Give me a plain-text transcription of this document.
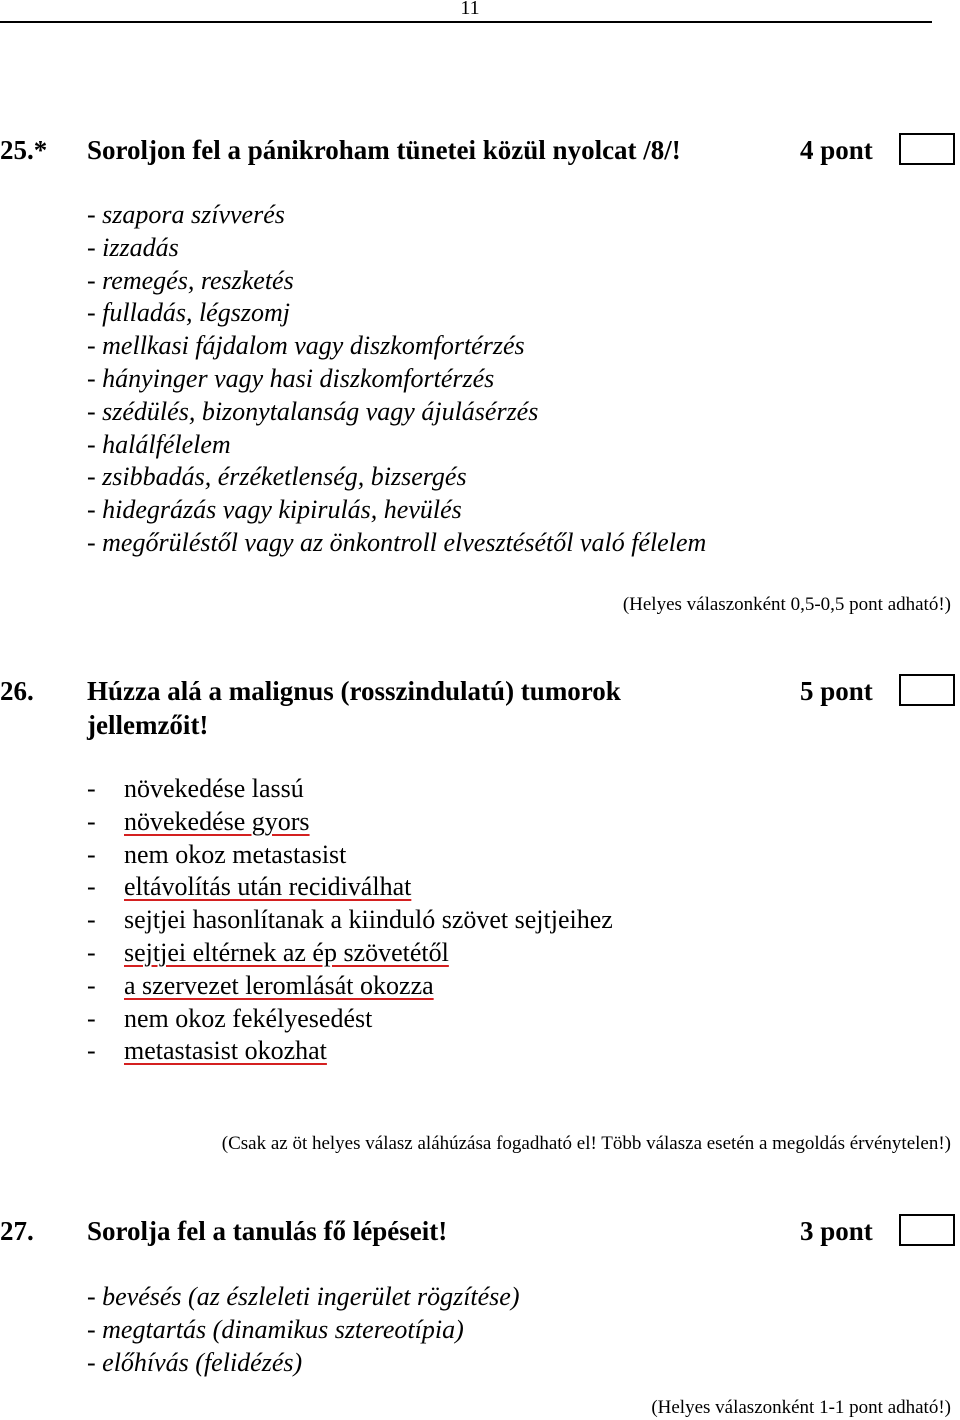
11
25.* Soroljon fel a pánikroham tünetei közül nyolcat /8/!	4 pont
- szapora szívverés
- izzadás
- remegés, reszketés
- fulladás, légszomj
- mellkasi fájdalom vagy diszkomfortérzés
- hányinger vagy hasi diszkomfortérzés
- szédülés, bizonytalanság vagy ájulásérzés
- halálfélelem
- zsibbadás, érzéketlenség, bizsergés
- hidegrázás vagy kipirulás, hevülés
- megőrüléstől vagy az önkontroll elvesztésétől való félelem
(Helyes válaszonként 0,5-0,5 pont adható!)
26. Húzza alá a malignus (rosszindulatú) tumorok	5 pont
jellemzőit!
- növekedése lassú
- növekedése gyors
- nem okoz metastasist
- eltávolítás után recidiválhat
- sejtjei hasonlítanak a kiinduló szövet sejtjeihez
- sejtjei eltérnek az ép szövetétől
- a szervezet leromlását okozza
- nem okoz fekélyesedést
- metastasist okozhat
(Csak az öt helyes válasz aláhúzása fogadható el! Több válasza esetén a megoldás érvénytelen!)
27. Sorolja fel a tanulás fő lépéseit!	3 pont
- bevésés (az észleleti ingerület rögzítése)
- megtartás (dinamikus sztereotípia)
- előhívás (felidézés)
(Helyes válaszonként 1-1 pont adható!)
